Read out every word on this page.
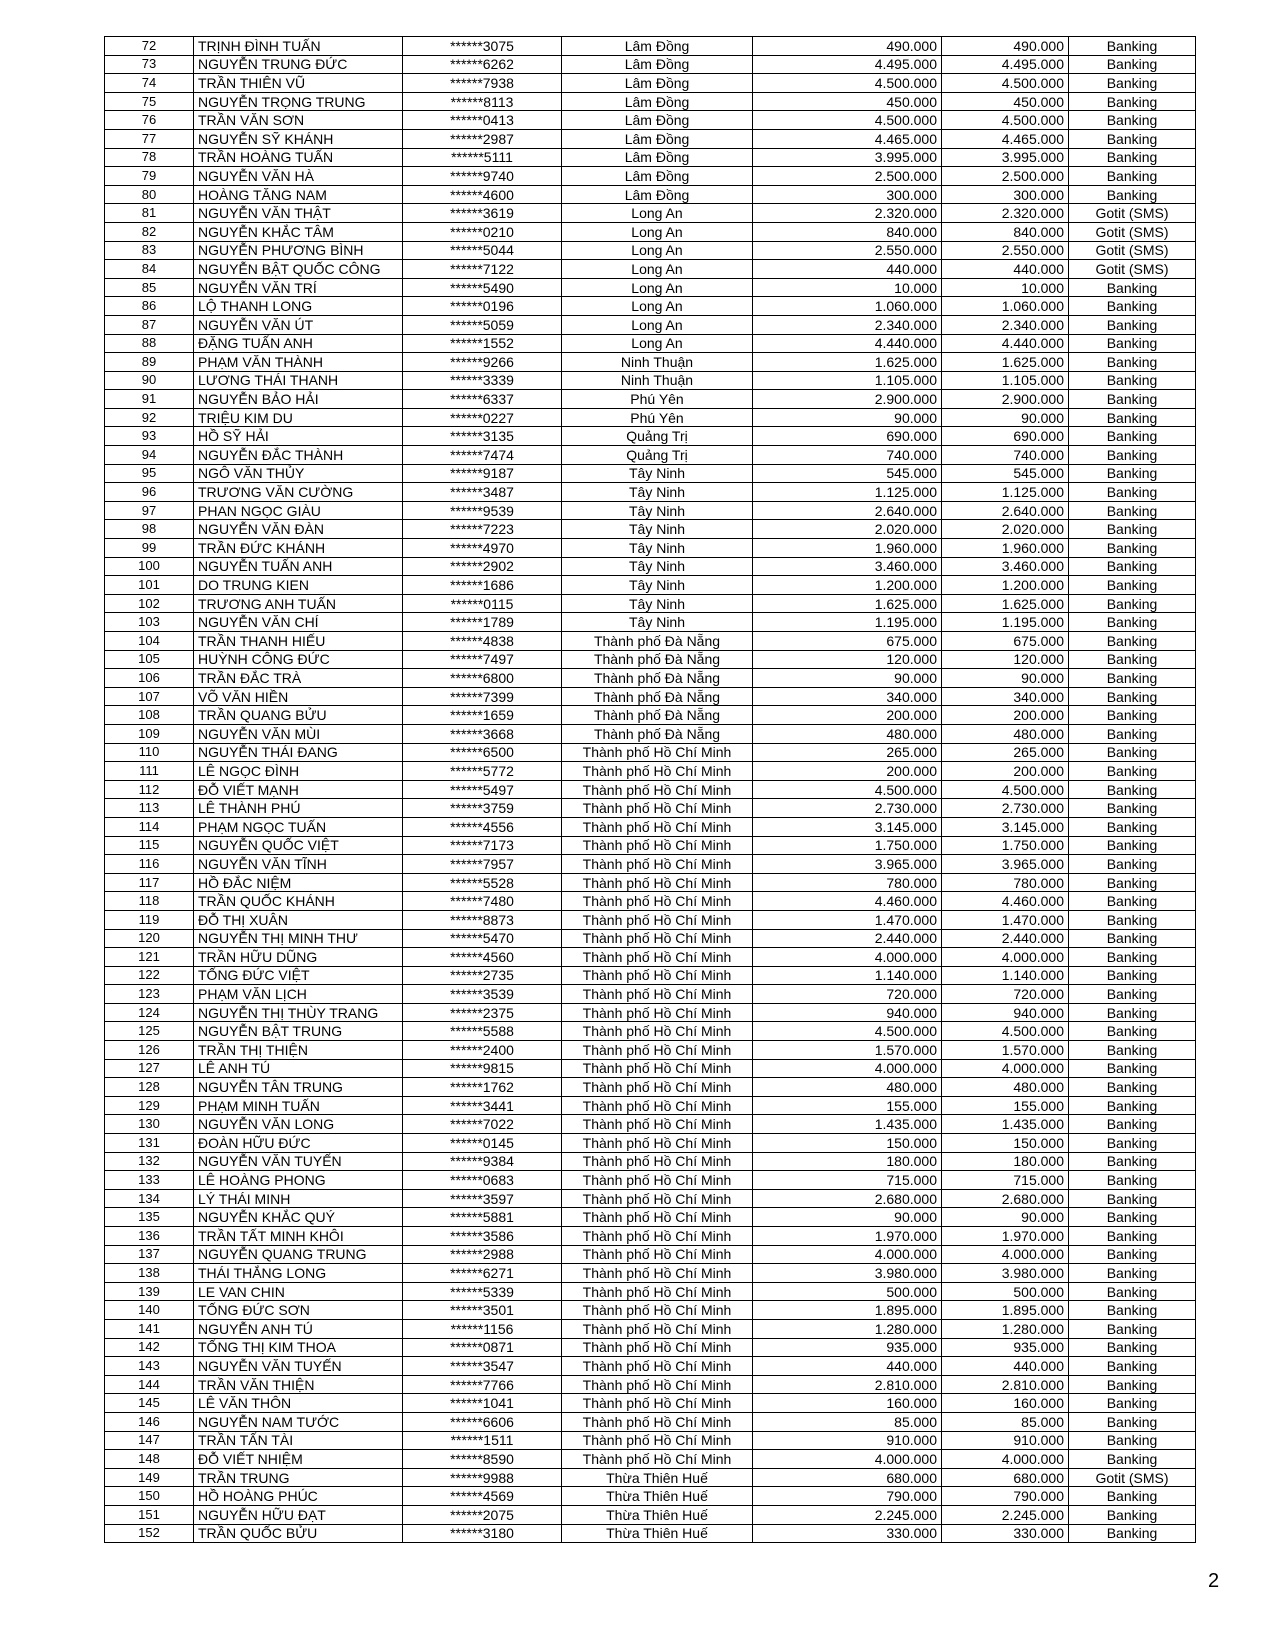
72	TRỊNH ĐÌNH TUẤN	******3075	Lâm Đồng	490.000	490.000	Banking
73	NGUYỄN TRUNG ĐỨC	******6262	Lâm Đồng	4.495.000	4.495.000	Banking
74	TRẦN THIÊN VŨ	******7938	Lâm Đồng	4.500.000	4.500.000	Banking
75	NGUYỄN TRỌNG TRUNG	******8113	Lâm Đồng	450.000	450.000	Banking
76	TRẦN VĂN SƠN	******0413	Lâm Đồng	4.500.000	4.500.000	Banking
77	NGUYỄN SỸ KHÁNH	******2987	Lâm Đồng	4.465.000	4.465.000	Banking
78	TRẦN HOÀNG TUẤN	******5111	Lâm Đồng	3.995.000	3.995.000	Banking
79	NGUYỄN VĂN HÀ	******9740	Lâm Đồng	2.500.000	2.500.000	Banking
80	HOÀNG TĂNG NAM	******4600	Lâm Đồng	300.000	300.000	Banking
81	NGUYỄN VĂN THẬT	******3619	Long An	2.320.000	2.320.000	Gotit (SMS)
82	NGUYỄN KHẮC TÂM	******0210	Long An	840.000	840.000	Gotit (SMS)
83	NGUYỄN PHƯƠNG BÌNH	******5044	Long An	2.550.000	2.550.000	Gotit (SMS)
84	NGUYỄN BẬT QUỐC CÔNG	******7122	Long An	440.000	440.000	Gotit (SMS)
85	NGUYỄN VĂN TRÍ	******5490	Long An	10.000	10.000	Banking
86	LỘ THANH LONG	******0196	Long An	1.060.000	1.060.000	Banking
87	NGUYỄN VĂN ÚT	******5059	Long An	2.340.000	2.340.000	Banking
88	ĐẶNG TUẤN ANH	******1552	Long An	4.440.000	4.440.000	Banking
89	PHẠM VĂN THÀNH	******9266	Ninh Thuận	1.625.000	1.625.000	Banking
90	LƯƠNG THÁI THANH	******3339	Ninh Thuận	1.105.000	1.105.000	Banking
91	NGUYỄN BẢO HẢI	******6337	Phú Yên	2.900.000	2.900.000	Banking
92	TRIỆU KIM DU	******0227	Phú Yên	90.000	90.000	Banking
93	HỒ SỸ HẢI	******3135	Quảng Trị	690.000	690.000	Banking
94	NGUYỄN ĐẮC THÀNH	******7474	Quảng Trị	740.000	740.000	Banking
95	NGÔ VĂN THỦY	******9187	Tây Ninh	545.000	545.000	Banking
96	TRƯƠNG VĂN CƯỜNG	******3487	Tây Ninh	1.125.000	1.125.000	Banking
97	PHAN NGỌC GIÀU	******9539	Tây Ninh	2.640.000	2.640.000	Banking
98	NGUYỄN VĂN ĐÀN	******7223	Tây Ninh	2.020.000	2.020.000	Banking
99	TRẦN ĐỨC KHÁNH	******4970	Tây Ninh	1.960.000	1.960.000	Banking
100	NGUYỄN TUẤN ANH	******2902	Tây Ninh	3.460.000	3.460.000	Banking
101	DO TRUNG KIEN	******1686	Tây Ninh	1.200.000	1.200.000	Banking
102	TRƯƠNG ANH TUẤN	******0115	Tây Ninh	1.625.000	1.625.000	Banking
103	NGUYỄN VĂN CHÍ	******1789	Tây Ninh	1.195.000	1.195.000	Banking
104	TRẦN THANH HIẾU	******4838	Thành phố Đà Nẵng	675.000	675.000	Banking
105	HUỲNH CÔNG ĐỨC	******7497	Thành phố Đà Nẵng	120.000	120.000	Banking
106	TRẦN ĐẮC TRÀ	******6800	Thành phố Đà Nẵng	90.000	90.000	Banking
107	VÕ VĂN HIỀN	******7399	Thành phố Đà Nẵng	340.000	340.000	Banking
108	TRẦN QUANG BỬU	******1659	Thành phố Đà Nẵng	200.000	200.000	Banking
109	NGUYỄN VĂN MÙI	******3668	Thành phố Đà Nẵng	480.000	480.000	Banking
110	NGUYỄN THÁI ĐANG	******6500	Thành phố Hồ Chí Minh	265.000	265.000	Banking
111	LÊ NGỌC ĐÌNH	******5772	Thành phố Hồ Chí Minh	200.000	200.000	Banking
112	ĐỖ VIẾT MẠNH	******5497	Thành phố Hồ Chí Minh	4.500.000	4.500.000	Banking
113	LÊ THÀNH PHÚ	******3759	Thành phố Hồ Chí Minh	2.730.000	2.730.000	Banking
114	PHẠM NGỌC TUẤN	******4556	Thành phố Hồ Chí Minh	3.145.000	3.145.000	Banking
115	NGUYỄN QUỐC VIỆT	******7173	Thành phố Hồ Chí Minh	1.750.000	1.750.000	Banking
116	NGUYỄN VĂN TĨNH	******7957	Thành phố Hồ Chí Minh	3.965.000	3.965.000	Banking
117	HỒ ĐẮC NIỆM	******5528	Thành phố Hồ Chí Minh	780.000	780.000	Banking
118	TRẦN QUỐC KHÁNH	******7480	Thành phố Hồ Chí Minh	4.460.000	4.460.000	Banking
119	ĐỖ THỊ XUÂN	******8873	Thành phố Hồ Chí Minh	1.470.000	1.470.000	Banking
120	NGUYỄN THỊ MINH THƯ	******5470	Thành phố Hồ Chí Minh	2.440.000	2.440.000	Banking
121	TRẦN HỮU DŨNG	******4560	Thành phố Hồ Chí Minh	4.000.000	4.000.000	Banking
122	TỐNG ĐỨC VIỆT	******2735	Thành phố Hồ Chí Minh	1.140.000	1.140.000	Banking
123	PHẠM VĂN LỊCH	******3539	Thành phố Hồ Chí Minh	720.000	720.000	Banking
124	NGUYỄN THỊ THÙY TRANG	******2375	Thành phố Hồ Chí Minh	940.000	940.000	Banking
125	NGUYỄN BẬT TRUNG	******5588	Thành phố Hồ Chí Minh	4.500.000	4.500.000	Banking
126	TRẦN THỊ THIỆN	******2400	Thành phố Hồ Chí Minh	1.570.000	1.570.000	Banking
127	LÊ ANH TÚ	******9815	Thành phố Hồ Chí Minh	4.000.000	4.000.000	Banking
128	NGUYỄN TÂN TRUNG	******1762	Thành phố Hồ Chí Minh	480.000	480.000	Banking
129	PHẠM MINH TUẤN	******3441	Thành phố Hồ Chí Minh	155.000	155.000	Banking
130	NGUYỄN VĂN LONG	******7022	Thành phố Hồ Chí Minh	1.435.000	1.435.000	Banking
131	ĐOÀN HỮU ĐỨC	******0145	Thành phố Hồ Chí Minh	150.000	150.000	Banking
132	NGUYỄN VĂN TUYẾN	******9384	Thành phố Hồ Chí Minh	180.000	180.000	Banking
133	LÊ HOÀNG PHONG	******0683	Thành phố Hồ Chí Minh	715.000	715.000	Banking
134	LÝ THÁI MINH	******3597	Thành phố Hồ Chí Minh	2.680.000	2.680.000	Banking
135	NGUYỄN KHẮC QUÝ	******5881	Thành phố Hồ Chí Minh	90.000	90.000	Banking
136	TRẦN TẤT MINH KHÔI	******3586	Thành phố Hồ Chí Minh	1.970.000	1.970.000	Banking
137	NGUYỄN QUANG TRUNG	******2988	Thành phố Hồ Chí Minh	4.000.000	4.000.000	Banking
138	THÁI THẮNG LONG	******6271	Thành phố Hồ Chí Minh	3.980.000	3.980.000	Banking
139	LE VAN CHIN	******5339	Thành phố Hồ Chí Minh	500.000	500.000	Banking
140	TỐNG ĐỨC SƠN	******3501	Thành phố Hồ Chí Minh	1.895.000	1.895.000	Banking
141	NGUYỄN ANH TÚ	******1156	Thành phố Hồ Chí Minh	1.280.000	1.280.000	Banking
142	TỐNG THỊ KIM THOA	******0871	Thành phố Hồ Chí Minh	935.000	935.000	Banking
143	NGUYỄN VĂN TUYẾN	******3547	Thành phố Hồ Chí Minh	440.000	440.000	Banking
144	TRẦN VĂN THIỆN	******7766	Thành phố Hồ Chí Minh	2.810.000	2.810.000	Banking
145	LÊ VĂN THÔN	******1041	Thành phố Hồ Chí Minh	160.000	160.000	Banking
146	NGUYỄN NAM TƯỚC	******6606	Thành phố Hồ Chí Minh	85.000	85.000	Banking
147	TRẦN TẤN TÀI	******1511	Thành phố Hồ Chí Minh	910.000	910.000	Banking
148	ĐỖ VIẾT NHIỆM	******8590	Thành phố Hồ Chí Minh	4.000.000	4.000.000	Banking
149	TRẦN TRUNG	******9988	Thừa Thiên Huế	680.000	680.000	Gotit (SMS)
150	HỒ HOÀNG PHÚC	******4569	Thừa Thiên Huế	790.000	790.000	Banking
151	NGUYỄN HỮU ĐẠT	******2075	Thừa Thiên Huế	2.245.000	2.245.000	Banking
152	TRẦN QUỐC BỬU	******3180	Thừa Thiên Huế	330.000	330.000	Banking
2
